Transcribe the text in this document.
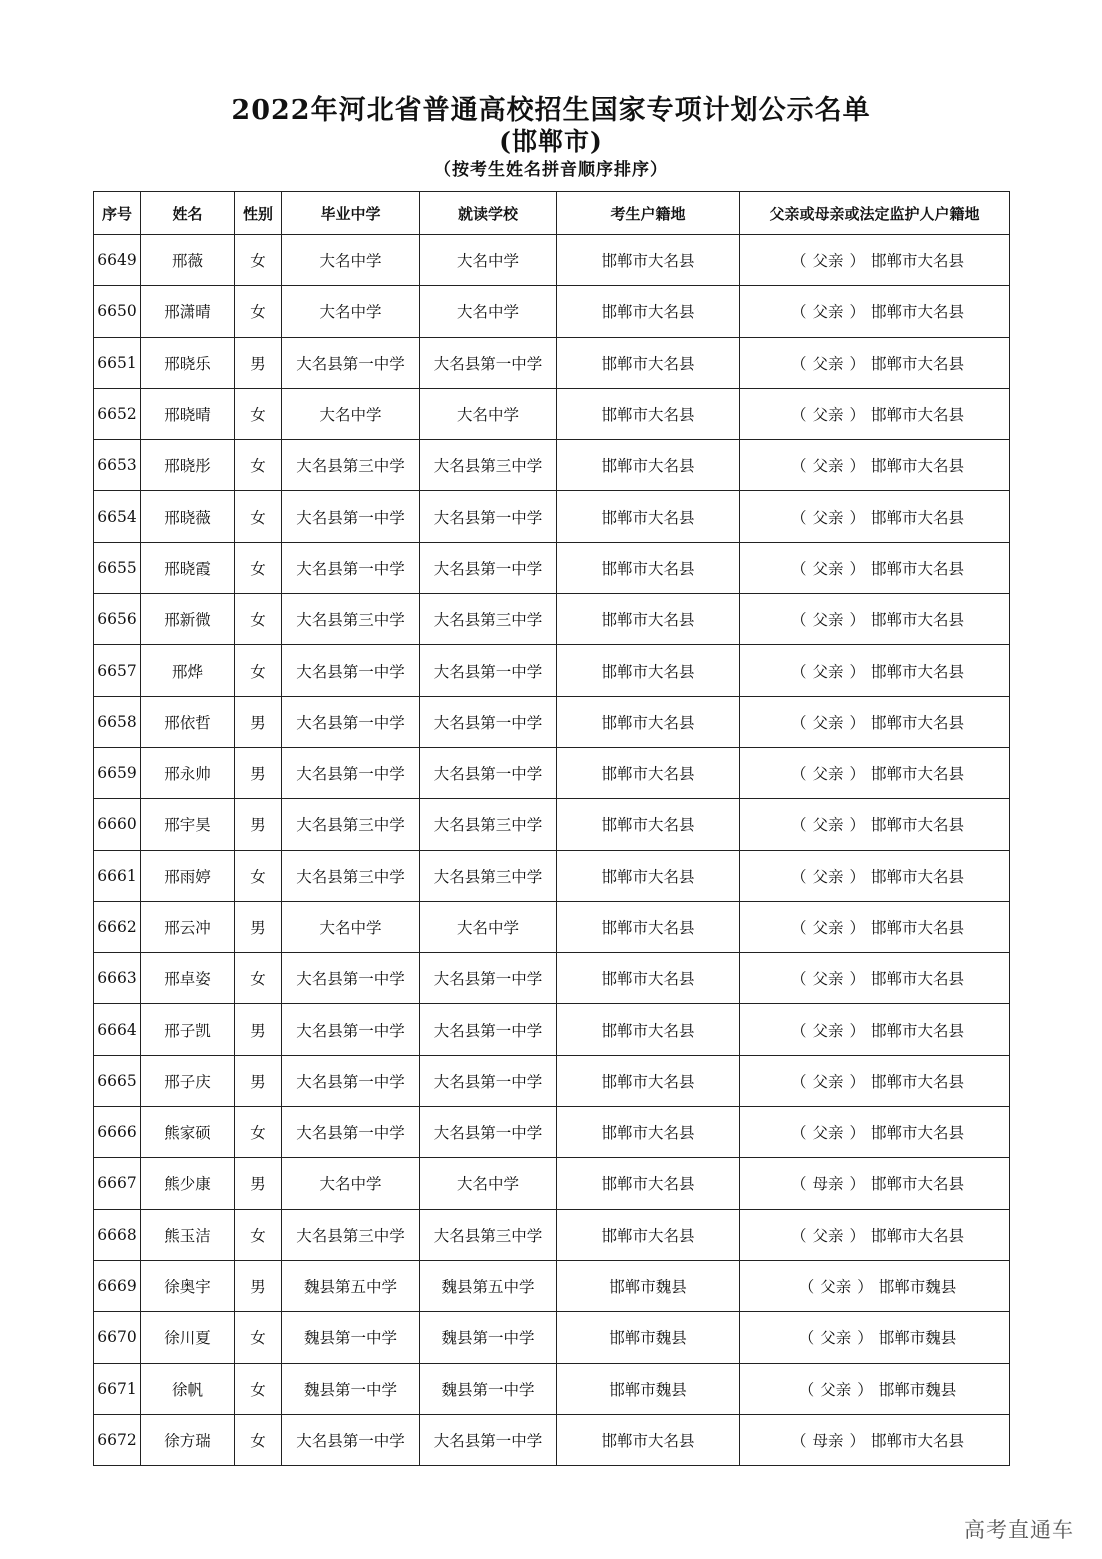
2022年河北省普通高校招生国家专项计划公示名单
(邯郸市)
（按考生姓名拼音顺序排序）
序号	姓名	性别	毕业中学	就读学校	考生户籍地	父亲或母亲或法定监护人户籍地
6649	邢薇	女	大名中学	大名中学	邯郸市大名县	（ 父亲 ） 邯郸市大名县
6650	邢潇晴	女	大名中学	大名中学	邯郸市大名县	（ 父亲 ） 邯郸市大名县
6651	邢晓乐	男	大名县第一中学	大名县第一中学	邯郸市大名县	（ 父亲 ） 邯郸市大名县
6652	邢晓晴	女	大名中学	大名中学	邯郸市大名县	（ 父亲 ） 邯郸市大名县
6653	邢晓彤	女	大名县第三中学	大名县第三中学	邯郸市大名县	（ 父亲 ） 邯郸市大名县
6654	邢晓薇	女	大名县第一中学	大名县第一中学	邯郸市大名县	（ 父亲 ） 邯郸市大名县
6655	邢晓霞	女	大名县第一中学	大名县第一中学	邯郸市大名县	（ 父亲 ） 邯郸市大名县
6656	邢新微	女	大名县第三中学	大名县第三中学	邯郸市大名县	（ 父亲 ） 邯郸市大名县
6657	邢烨	女	大名县第一中学	大名县第一中学	邯郸市大名县	（ 父亲 ） 邯郸市大名县
6658	邢依哲	男	大名县第一中学	大名县第一中学	邯郸市大名县	（ 父亲 ） 邯郸市大名县
6659	邢永帅	男	大名县第一中学	大名县第一中学	邯郸市大名县	（ 父亲 ） 邯郸市大名县
6660	邢宇昊	男	大名县第三中学	大名县第三中学	邯郸市大名县	（ 父亲 ） 邯郸市大名县
6661	邢雨婷	女	大名县第三中学	大名县第三中学	邯郸市大名县	（ 父亲 ） 邯郸市大名县
6662	邢云冲	男	大名中学	大名中学	邯郸市大名县	（ 父亲 ） 邯郸市大名县
6663	邢卓姿	女	大名县第一中学	大名县第一中学	邯郸市大名县	（ 父亲 ） 邯郸市大名县
6664	邢子凯	男	大名县第一中学	大名县第一中学	邯郸市大名县	（ 父亲 ） 邯郸市大名县
6665	邢子庆	男	大名县第一中学	大名县第一中学	邯郸市大名县	（ 父亲 ） 邯郸市大名县
6666	熊家硕	女	大名县第一中学	大名县第一中学	邯郸市大名县	（ 父亲 ） 邯郸市大名县
6667	熊少康	男	大名中学	大名中学	邯郸市大名县	（ 母亲 ） 邯郸市大名县
6668	熊玉洁	女	大名县第三中学	大名县第三中学	邯郸市大名县	（ 父亲 ） 邯郸市大名县
6669	徐奥宇	男	魏县第五中学	魏县第五中学	邯郸市魏县	（ 父亲 ） 邯郸市魏县
6670	徐川夏	女	魏县第一中学	魏县第一中学	邯郸市魏县	（ 父亲 ） 邯郸市魏县
6671	徐帆	女	魏县第一中学	魏县第一中学	邯郸市魏县	（ 父亲 ） 邯郸市魏县
6672	徐方瑞	女	大名县第一中学	大名县第一中学	邯郸市大名县	（ 母亲 ） 邯郸市大名县
高考直通车
